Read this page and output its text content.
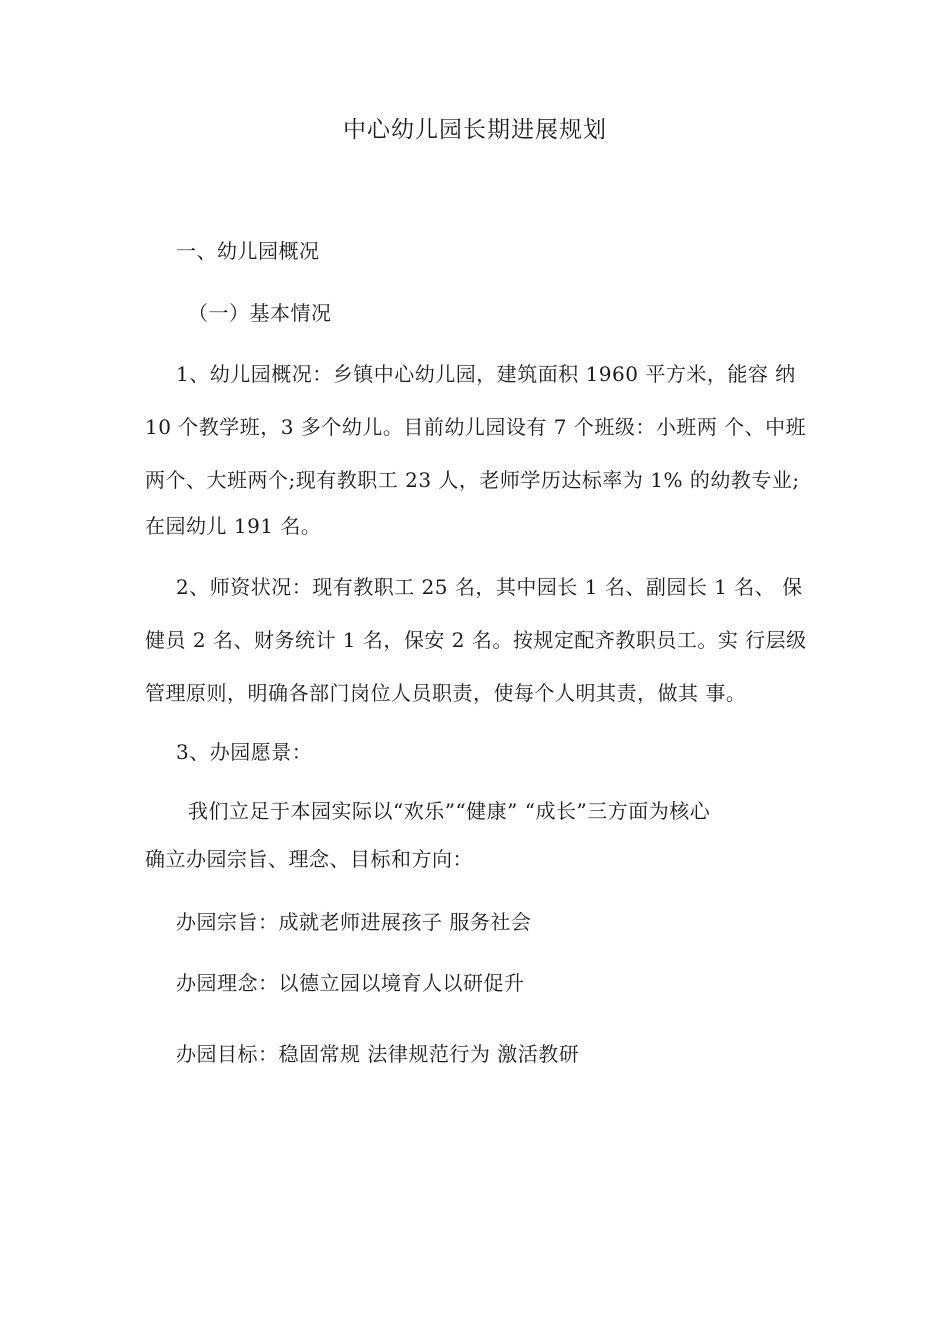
中心幼儿园长期进展规划
一、幼儿园概况
（一）基本情况
1、幼儿园概况：乡镇中心幼儿园，建筑面积 1960 平方米，能容 纳
10 个教学班，3 多个幼儿。目前幼儿园设有 7 个班级：小班两 个、中班
两个、大班两个;现有教职工 23 人，老师学历达标率为 1% 的幼教专业;
在园幼儿 191 名。
2、师资状况：现有教职工 25 名，其中园长 1 名、副园长 1 名、 保
健员 2 名、财务统计 1 名，保安 2 名。按规定配齐教职员工。实 行层级
管理原则，明确各部门岗位人员职责，使每个人明其责，做其 事。
3、办园愿景：
我们立足于本园实际以“欢乐”“健康” “成长”三方面为核心
确立办园宗旨、理念、目标和方向：
办园宗旨：成就老师进展孩子 服务社会
办园理念：以德立园以境育人以研促升
办园目标：稳固常规 法律规范行为 激活教研
